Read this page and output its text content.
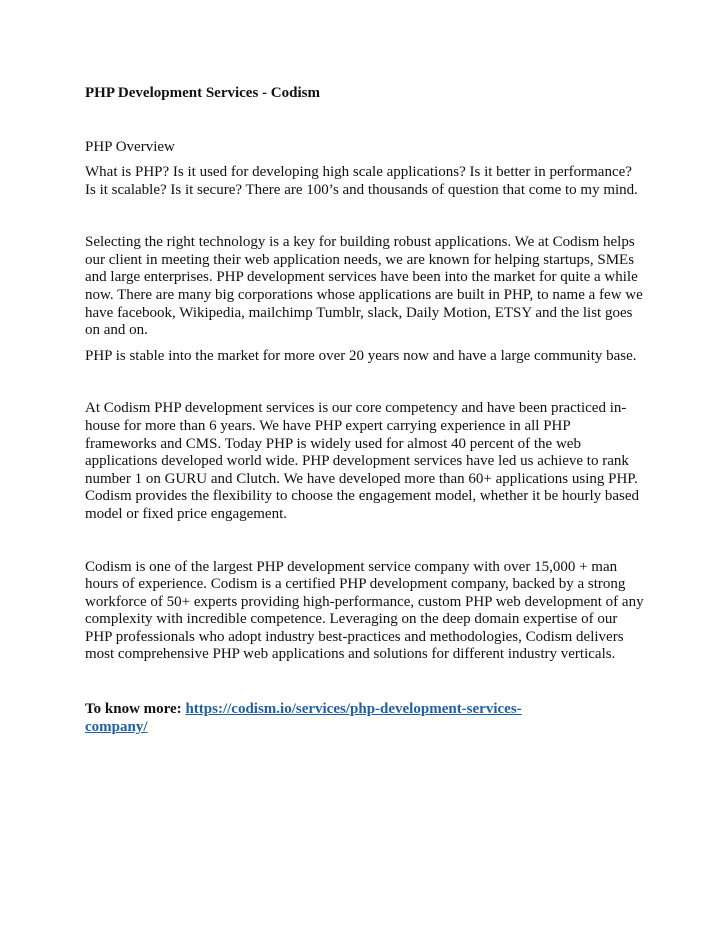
PHP Development Services - Codism
PHP Overview

What is PHP? Is it used for developing high scale applications? Is it better in performance? Is it scalable? Is it secure? There are 100’s and thousands of question that come to my mind.

Selecting the right technology is a key for building robust applications. We at Codism helps our client in meeting their web application needs, we are known for helping startups, SMEs and large enterprises. PHP development services have been into the market for quite a while now. There are many big corporations whose applications are built in PHP, to name a few we have facebook, Wikipedia, mailchimp Tumblr, slack, Daily Motion, ETSY and the list goes on and on.

PHP is stable into the market for more over 20 years now and have a large community base.

At Codism PHP development services is our core competency and have been practiced in-house for more than 6 years. We have PHP expert carrying experience in all PHP frameworks and CMS. Today PHP is widely used for almost 40 percent of the web applications developed world wide. PHP development services have led us achieve to rank number 1 on GURU and Clutch. We have developed more than 60+ applications using PHP. Codism provides the flexibility to choose the engagement model, whether it be hourly based model or fixed price engagement.

Codism is one of the largest PHP development service company with over 15,000 + man hours of experience. Codism is a certified PHP development company, backed by a strong workforce of 50+ experts providing high-performance, custom PHP web development of any complexity with incredible competence. Leveraging on the deep domain expertise of our PHP professionals who adopt industry best-practices and methodologies, Codism delivers most comprehensive PHP web applications and solutions for different industry verticals.

To know more: https://codism.io/services/php-development-services-
company/
